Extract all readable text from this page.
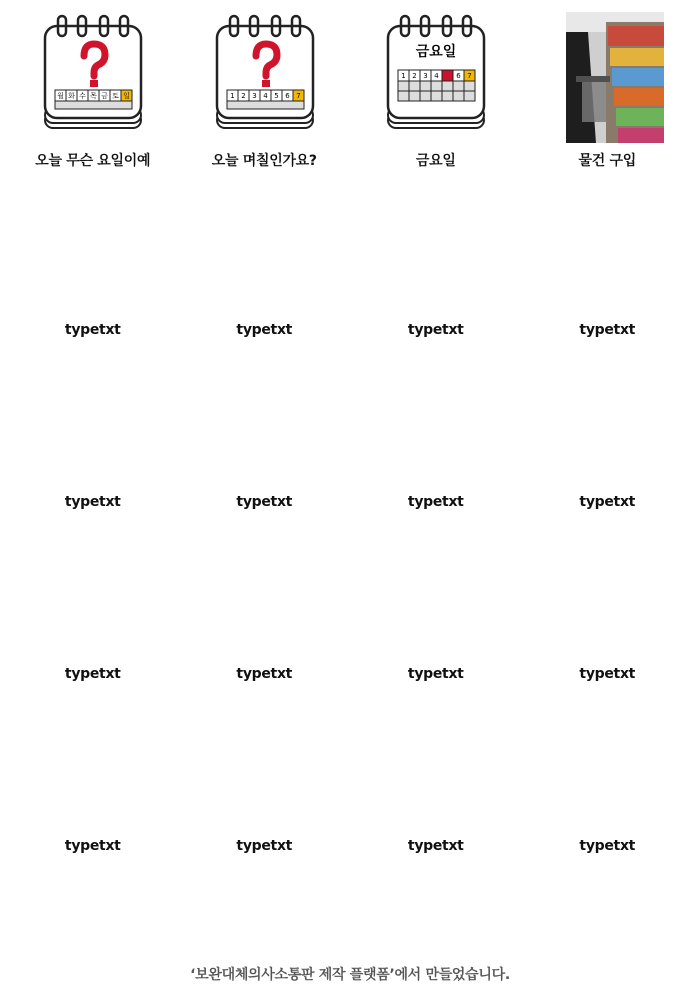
월 화 수 목 금 토 일
오늘 무슨 요일이예
1 2 3 4 5 6 7
오늘 며칠인가요?
금요일
1 2 3 4	6 7
금요일	물건 구입
typetxt	typetxt	typetxt	typetxt
typetxt	typetxt	typetxt	typetxt
typetxt	typetxt	typetxt	typetxt
typetxt	typetxt	typetxt	typetxt
‘보완대체의사소통판 제작 플랫폼’에서 만들었습니다.
